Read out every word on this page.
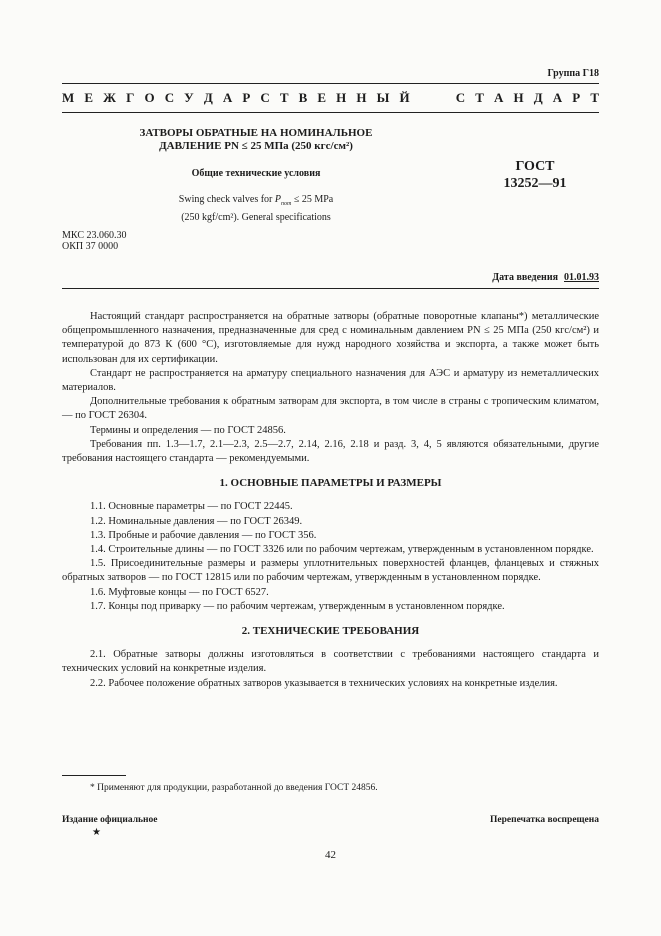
Группа Г18
М Е Ж Г О С У Д А Р С Т В Е Н Н Ы Й	С Т А Н Д А Р Т
ЗАТВОРЫ ОБРАТНЫЕ НА НОМИНАЛЬНОЕ
ДАВЛЕНИЕ PN ≤ 25 МПа (250 кгс/см²)
Общие технические условия
Swing check valves for $P_{nom} \le 25$ MPa
(250 kgf/cm²). General specifications
ГОСТ
13252—91
МКС 23.060.30
ОКП 37 0000
Дата введения 01.01.93

Настоящий стандарт распространяется на обратные затворы (обратные поворотные клапаны*) металлические общепромышленного назначения, предназначенные для сред с номинальным давлением PN ≤ 25 МПа (250 кгс/см²) и температурой до 873 К (600 °С), изготовляемые для нужд народного хозяйства и экспорта, а также может быть использован для их сертификации.

Стандарт не распространяется на арматуру специального назначения для АЭС и арматуру из неметаллических материалов.

Дополнительные требования к обратным затворам для экспорта, в том числе в страны с тропическим климатом, — по ГОСТ 26304.

Термины и определения — по ГОСТ 24856.

Требования пп. 1.3—1.7, 2.1—2.3, 2.5—2.7, 2.14, 2.16, 2.18 и разд. 3, 4, 5 являются обязательными, другие требования настоящего стандарта — рекомендуемыми.

1. ОСНОВНЫЕ ПАРАМЕТРЫ И РАЗМЕРЫ

1.1. Основные параметры — по ГОСТ 22445.

1.2. Номинальные давления — по ГОСТ 26349.

1.3. Пробные и рабочие давления — по ГОСТ 356.

1.4. Строительные длины — по ГОСТ 3326 или по рабочим чертежам, утвержденным в установленном порядке.

1.5. Присоединительные размеры и размеры уплотнительных поверхностей фланцев, фланцевых и стяжных обратных затворов — по ГОСТ 12815 или по рабочим чертежам, утвержденным в установленном порядке.

1.6. Муфтовые концы — по ГОСТ 6527.

1.7. Концы под приварку — по рабочим чертежам, утвержденным в установленном порядке.

2. ТЕХНИЧЕСКИЕ ТРЕБОВАНИЯ

2.1. Обратные затворы должны изготовляться в соответствии с требованиями настоящего стандарта и технических условий на конкретные изделия.

2.2. Рабочее положение обратных затворов указывается в технических условиях на конкретные изделия.

* Применяют для продукции, разработанной до введения ГОСТ 24856.
Издание официальное
★
Перепечатка воспрещена
42
